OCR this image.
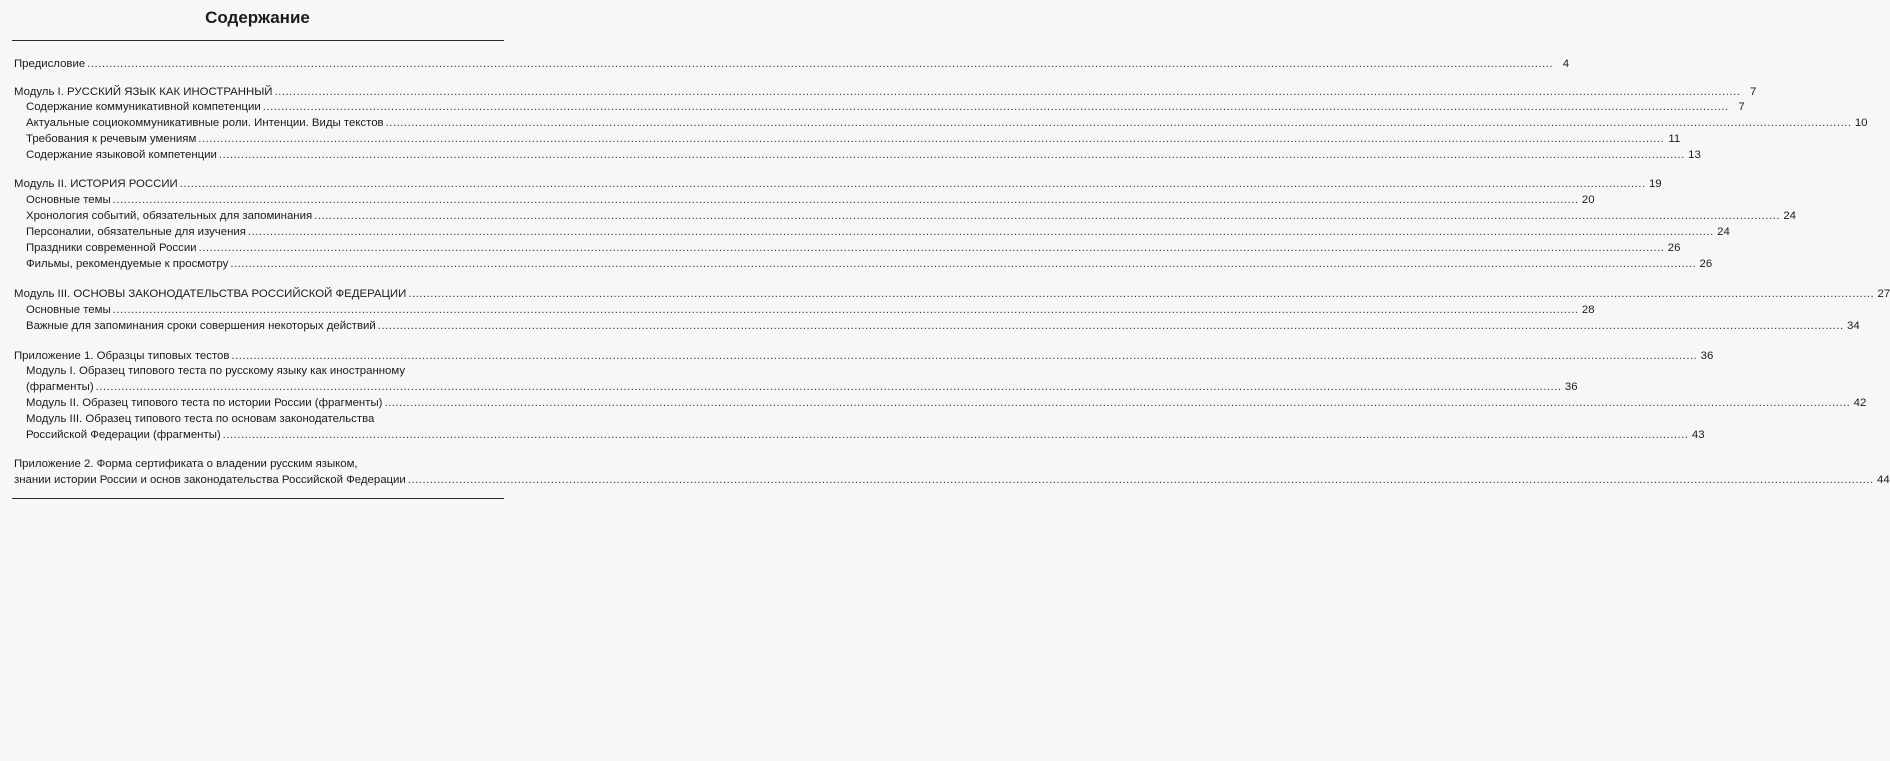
Содержание
Предисловие ................................................................................................................................................................................................................................................................................................................................................................................................................ 4
Модуль I. РУССКИЙ ЯЗЫК КАК ИНОСТРАННЫЙ ................................................................................................................................................................................................................................................................................................................................................................................................................ 7
Содержание коммуникативной компетенции ................................................................................................................................................................................................................................................................................................................................................................................................................ 7
Актуальные социокоммуникативные роли. Интенции. Виды текстов ................................................................................................................................................................................................................................................................................................................................................................................................................ 10
Требования к речевым умениям ................................................................................................................................................................................................................................................................................................................................................................................................................ 11
Содержание языковой компетенции ................................................................................................................................................................................................................................................................................................................................................................................................................ 13
Модуль II. ИСТОРИЯ РОССИИ ................................................................................................................................................................................................................................................................................................................................................................................................................ 19
Основные темы ................................................................................................................................................................................................................................................................................................................................................................................................................ 20
Хронология событий, обязательных для запоминания ................................................................................................................................................................................................................................................................................................................................................................................................................ 24
Персоналии, обязательные для изучения ................................................................................................................................................................................................................................................................................................................................................................................................................ 24
Праздники современной России ................................................................................................................................................................................................................................................................................................................................................................................................................ 26
Фильмы, рекомендуемые к просмотру ................................................................................................................................................................................................................................................................................................................................................................................................................ 26
Модуль III. ОСНОВЫ ЗАКОНОДАТЕЛЬСТВА РОССИЙСКОЙ ФЕДЕРАЦИИ ................................................................................................................................................................................................................................................................................................................................................................................................................ 27
Основные темы ................................................................................................................................................................................................................................................................................................................................................................................................................ 28
Важные для запоминания сроки совершения некоторых действий ................................................................................................................................................................................................................................................................................................................................................................................................................ 34
Приложение 1. Образцы типовых тестов ................................................................................................................................................................................................................................................................................................................................................................................................................ 36
Модуль I. Образец типового теста по русскому языку как иностранному
(фрагменты) ................................................................................................................................................................................................................................................................................................................................................................................................................ 36
Модуль II. Образец типового теста по истории России (фрагменты) ................................................................................................................................................................................................................................................................................................................................................................................................................ 42
Модуль III. Образец типового теста по основам законодательства
Российской Федерации (фрагменты) ................................................................................................................................................................................................................................................................................................................................................................................................................ 43
Приложение 2. Форма сертификата о владении русским языком,
знании истории России и основ законодательства Российской Федерации ................................................................................................................................................................................................................................................................................................................................................................................................................ 44
